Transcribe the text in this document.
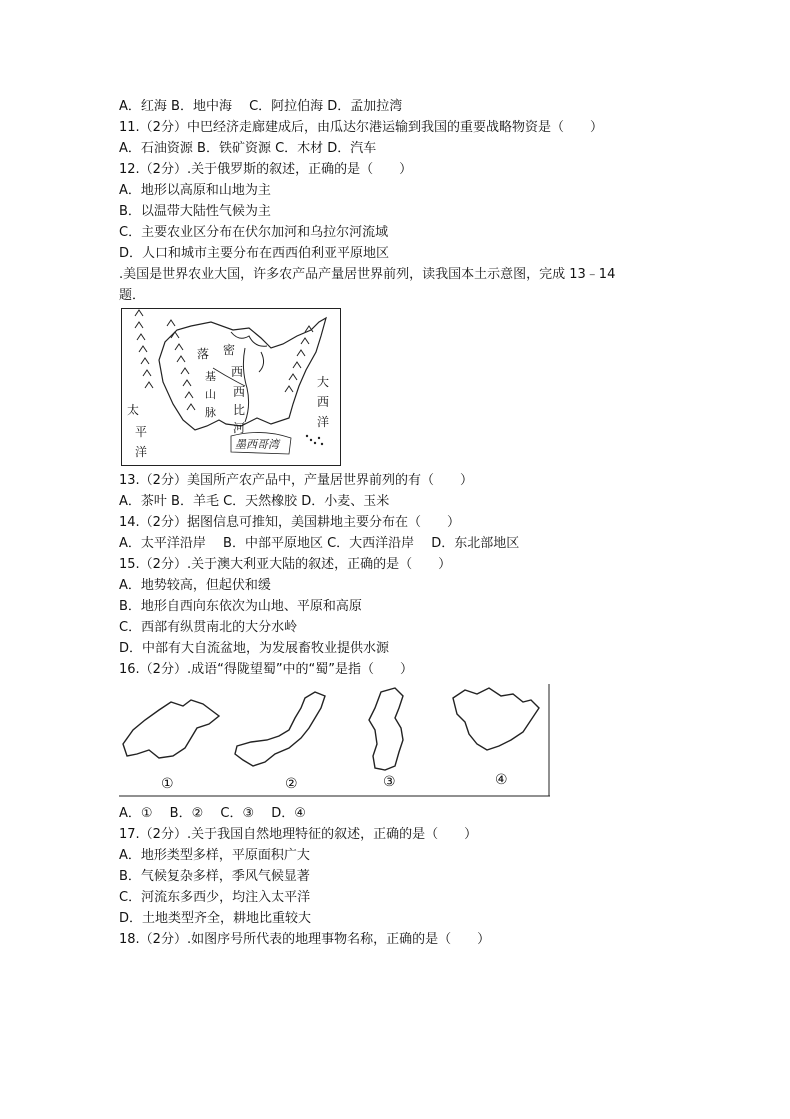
A．红海 B．地中海　 C．阿拉伯海 D．孟加拉湾
11.（2分）中巴经济走廊建成后，由瓜达尔港运输到我国的重要战略物资是（　　）
A．石油资源 B．铁矿资源 C．木材 D．汽车
12.（2分）.关于俄罗斯的叙述，正确的是（　　）
A．地形以高原和山地为主
B．以温带大陆性气候为主
C．主要农业区分布在伏尔加河和乌拉尔河流域
D．人口和城市主要分布在西西伯利亚平原地区
.美国是世界农业大国，许多农产品产量居世界前列，读我国本土示意图，完成 13﹣14
题．
落
基
山
脉
密
西
西
比
河
太
平
洋
大
西
洋
墨西哥湾
13.（2分）美国所产农产品中，产量居世界前列的有（　　）
A．茶叶 B．羊毛 C．天然橡胶 D．小麦、玉米
14.（2分）据图信息可推知，美国耕地主要分布在（　　）
A．太平洋沿岸　 B．中部平原地区 C．大西洋沿岸　 D．东北部地区
15.（2分）.关于澳大利亚大陆的叙述，正确的是（　　）
A．地势较高，但起伏和缓
B．地形自西向东依次为山地、平原和高原
C．西部有纵贯南北的大分水岭
D．中部有大自流盆地，为发展畜牧业提供水源
16.（2分）.成语“得陇望蜀”中的“蜀”是指（　　）
①	②	③	④
A．①　 B．②　 C．③　 D．④
17.（2分）.关于我国自然地理特征的叙述，正确的是（　　）
A．地形类型多样，平原面积广大
B．气候复杂多样，季风气候显著
C．河流东多西少，均注入太平洋
D．土地类型齐全，耕地比重较大
18.（2分）.如图序号所代表的地理事物名称，正确的是（　　）
